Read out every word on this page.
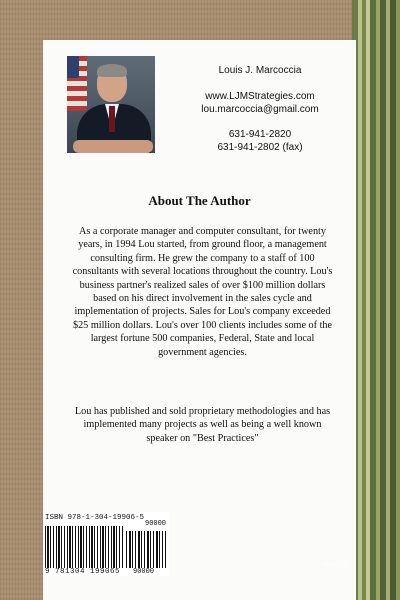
Louis J. Marcoccia
www.LJMStrategies.com
lou.marcoccia@gmail.com
631-941-2820
631-941-2802 (fax)
About The Author

As a corporate manager and computer consultant, for twenty years, in 1994 Lou started, from ground floor, a management consulting firm. He grew the company to a staff of 100 consultants with several locations throughout the country. Lou's business partner's realized sales of over $100 million dollars based on his direct involvement in the sales cycle and implementation of projects. Sales for Lou's company exceeded $25 million dollars. Lou's over 100 clients includes some of the largest fortune 500 companies, Federal, State and local government agencies.

Lou has published and sold proprietary methodologies and has implemented many projects as well as being a well known speaker on "Best Practices"

ISBN 978-1-304-19906-5
90000
9 781304 199065 90000
Bldg. 10
